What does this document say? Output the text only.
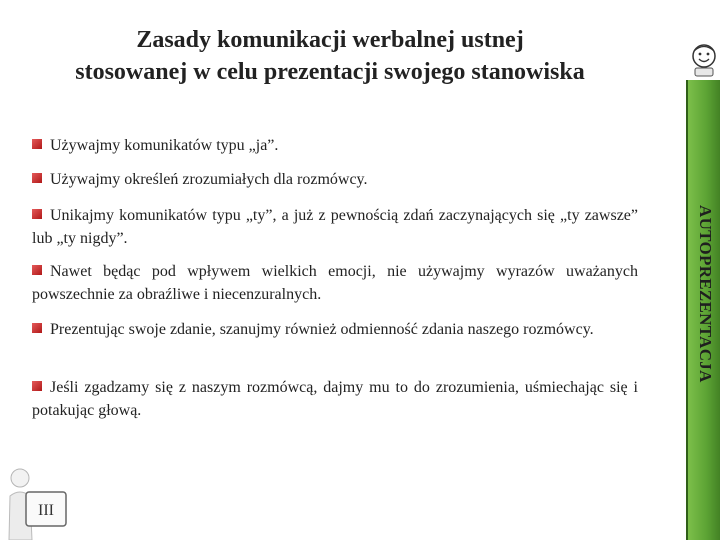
Zasady komunikacji werbalnej ustnej
stosowanej w celu prezentacji swojego stanowiska
AUTOPREZENTACJA
Używajmy komunikatów typu „ja”.
Używajmy określeń zrozumiałych dla rozmówcy.
Unikajmy komunikatów typu „ty”, a już z pewnością zdań zaczynających się „ty zawsze” lub „ty nigdy”.
Nawet będąc pod wpływem wielkich emocji, nie używajmy wyrazów uważanych powszechnie za obraźliwe i niecenzuralnych.
Prezentując swoje zdanie, szanujmy również odmienność zdania naszego rozmówcy.
Jeśli zgadzamy się z naszym rozmówcą, dajmy mu to do zrozumienia, uśmiechając się i potakując głową.
III
